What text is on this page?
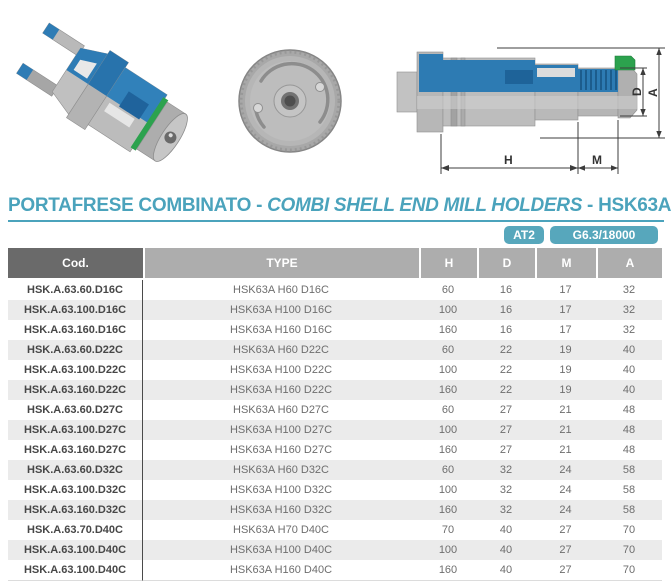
H	M
D A
PORTAFRESE COMBINATO - COMBI SHELL END MILL HOLDERS - HSK63A
AT2	G6.3/18000
Cod.	TYPE	H	D	M	A
HSK.A.63.60.D16C	HSK63A H60 D16C	60	16	17	32
HSK.A.63.100.D16C	HSK63A H100 D16C	100	16	17	32
HSK.A.63.160.D16C	HSK63A H160 D16C	160	16	17	32
HSK.A.63.60.D22C	HSK63A H60 D22C	60	22	19	40
HSK.A.63.100.D22C	HSK63A H100 D22C	100	22	19	40
HSK.A.63.160.D22C	HSK63A H160 D22C	160	22	19	40
HSK.A.63.60.D27C	HSK63A H60 D27C	60	27	21	48
HSK.A.63.100.D27C	HSK63A H100 D27C	100	27	21	48
HSK.A.63.160.D27C	HSK63A H160 D27C	160	27	21	48
HSK.A.63.60.D32C	HSK63A H60 D32C	60	32	24	58
HSK.A.63.100.D32C	HSK63A H100 D32C	100	32	24	58
HSK.A.63.160.D32C	HSK63A H160 D32C	160	32	24	58
HSK.A.63.70.D40C	HSK63A H70 D40C	70	40	27	70
HSK.A.63.100.D40C	HSK63A H100 D40C	100	40	27	70
HSK.A.63.100.D40C	HSK63A H160 D40C	160	40	27	70
